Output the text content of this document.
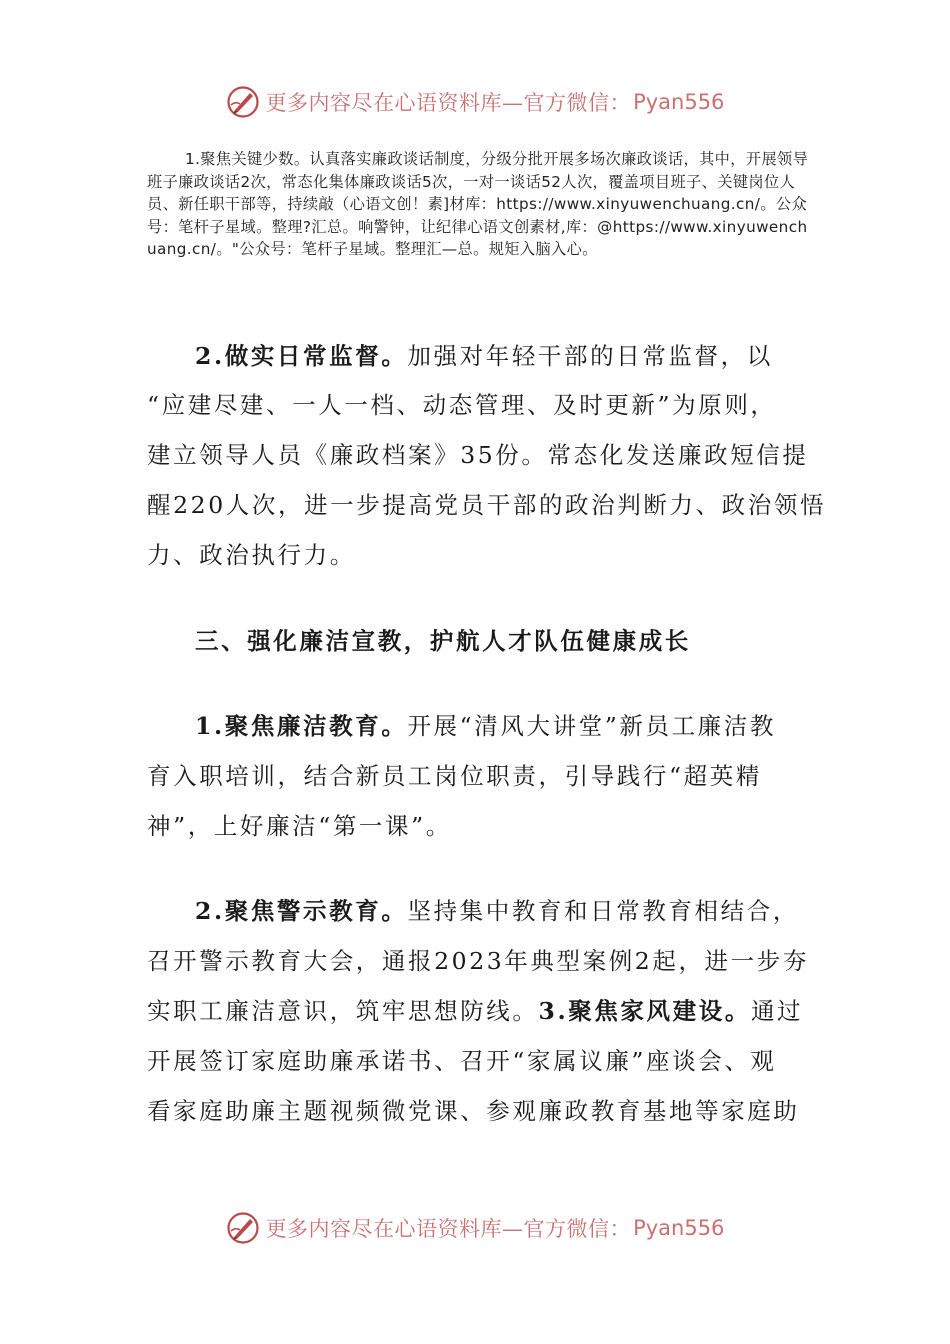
更多内容尽在心语资料库—官方微信： Pyan556
1.聚焦关键少数。认真落实廉政谈话制度，分级分批开展多场次廉政谈话，其中，开展领导班子廉政谈话2次，常态化集体廉政谈话5次，一对一谈话52人次，覆盖项目班子、关键岗位人员、新任职干部等，持续敲（心语文创！素]材库：https://www.xinyuwenchuang.cn/。公众号：笔杆子星域。整理?汇总。响警钟，让纪律心语文创素材,库：@https://www.xinyuwenchuang.cn/。"公众号：笔杆子星域。整理汇—总。规矩入脑入心。
2.做实日常监督。加强对年轻干部的日常监督，以
“应建尽建、一人一档、动态管理、及时更新”为原则，
建立领导人员《廉政档案》35份。常态化发送廉政短信提
醒220人次，进一步提高党员干部的政治判断力、政治领悟
力、政治执行力。
三、强化廉洁宣教，护航人才队伍健康成长
1.聚焦廉洁教育。开展“清风大讲堂”新员工廉洁教
育入职培训，结合新员工岗位职责，引导践行“超英精
神”，上好廉洁“第一课”。
2.聚焦警示教育。坚持集中教育和日常教育相结合，
召开警示教育大会，通报2023年典型案例2起，进一步夯
实职工廉洁意识，筑牢思想防线。3.聚焦家风建设。通过
开展签订家庭助廉承诺书、召开“家属议廉”座谈会、观
看家庭助廉主题视频微党课、参观廉政教育基地等家庭助
更多内容尽在心语资料库—官方微信： Pyan556
